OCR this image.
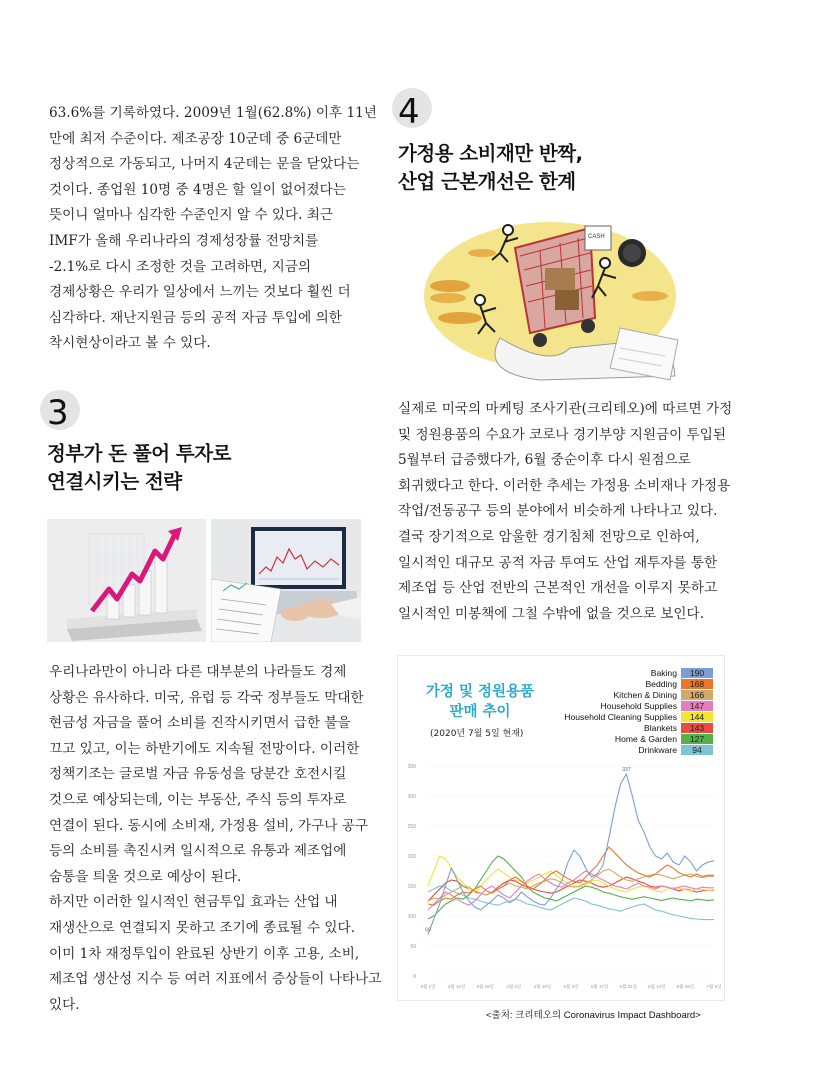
63.6%를 기록하였다. 2009년 1월(62.8%) 이후 11년

만에 최저 수준이다. 제조공장 10군데 중 6군데만

정상적으로 가동되고, 나머지 4군데는 문을 닫았다는

것이다. 종업원 10명 중 4명은 할 일이 없어졌다는

뜻이니 얼마나 심각한 수준인지 알 수 있다. 최근

IMF가 올해 우리나라의 경제성장률 전망치를

-2.1%로 다시 조정한 것을 고려하면, 지금의

경제상황은 우리가 일상에서 느끼는 것보다 훨씬 더

심각하다. 재난지원금 등의 공적 자금 투입에 의한

착시현상이라고 볼 수 있다.

4
가정용 소비재만 반짝,
산업 근본개선은 한계
CASH

실제로 미국의 마케팅 조사기관(크리테오)에 따르면 가정

및 정원용품의 수요가 코로나 경기부양 지원금이 투입된

5월부터 급증했다가, 6월 중순이후 다시 원점으로

회귀했다고 한다. 이러한 추세는 가정용 소비재나 가정용

작업/전동공구 등의 분야에서 비슷하게 나타나고 있다.

결국 장기적으로 암울한 경기침체 전망으로 인하여,

일시적인 대규모 공적 자금 투여도 산업 재투자를 통한

제조업 등 산업 전반의 근본적인 개선을 이루지 못하고

일시적인 미봉책에 그칠 수밖에 없을 것으로 보인다.

3
정부가 돈 풀어 투자로
연결시키는 전략

우리나라만이 아니라 다른 대부분의 나라들도 경제

상황은 유사하다. 미국, 유럽 등 각국 정부들도 막대한

현금성 자금을 풀어 소비를 진작시키면서 급한 불을

끄고 있고, 이는 하반기에도 지속될 전망이다. 이러한

정책기조는 글로벌 자금 유동성을 당분간 호전시킬

것으로 예상되는데, 이는 부동산, 주식 등의 투자로

연결이 된다. 동시에 소비재, 가정용 설비, 가구나 공구

등의 소비를 촉진시켜 일시적으로 유통과 제조업에

숨통을 틔울 것으로 예상이 된다.

하지만 이러한 일시적인 현금투입 효과는 산업 내

재생산으로 연결되지 못하고 조기에 종료될 수 있다.

이미 1차 재정투입이 완료된 상반기 이후 고용, 소비,

제조업 생산성 지수 등 여러 지표에서 증상들이 나타나고

있다.

가정 및 정원용품
판매 추이
(2020년 7월 5일 현재)
Baking	190
Bedding	168
Kitchen & Dining	166
Household Supplies	147
Household Cleaning Supplies	144
Blankets	143
Home & Garden	127
Drinkware	94
0
50
100
150
200
250
300
350
3월 1일	3월 15일 3월 29일	4월 5일	4월 19일	5월 3일	5월 17일 5월 31일 6월 14일 6월 28일	7월 5일
337
69
<출처: 크리테오의 Coronavirus Impact Dashboard>
